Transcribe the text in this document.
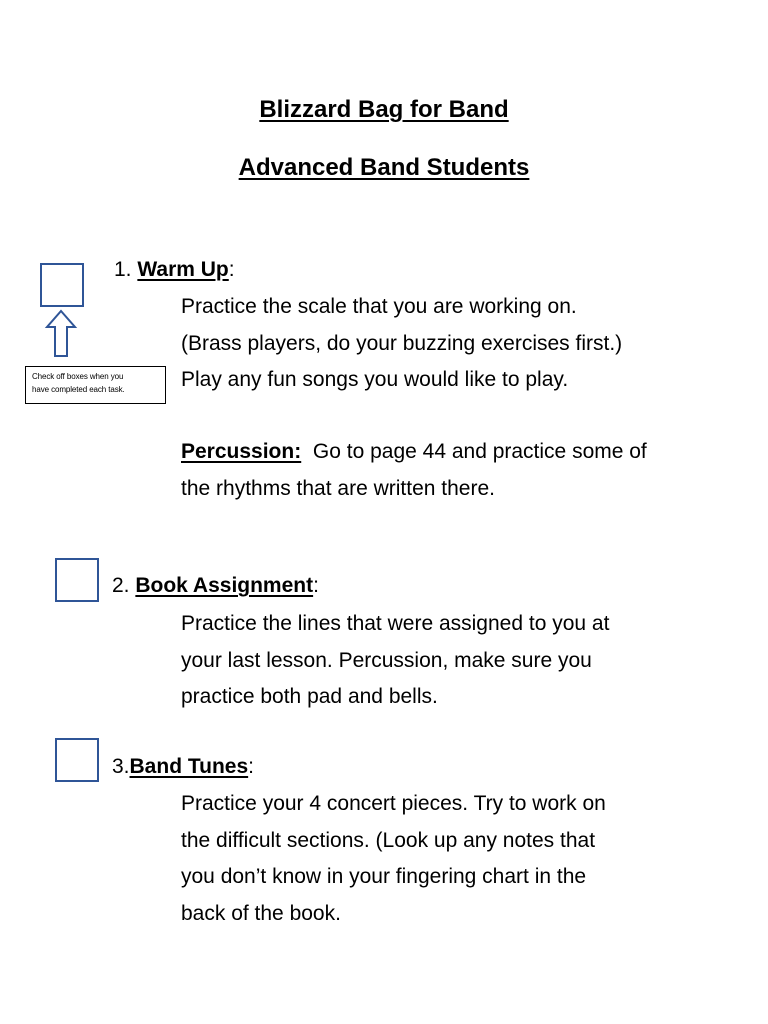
Blizzard Bag for Band
Advanced Band Students
Check off boxes when you
have completed each task.
1. Warm Up:
Practice the scale that you are working on.
(Brass players, do your buzzing exercises first.)
Play any fun songs you would like to play.
Percussion: Go to page 44 and practice some of
the rhythms that are written there.
2. Book Assignment:
Practice the lines that were assigned to you at
your last lesson. Percussion, make sure you
practice both pad and bells.
3.Band Tunes:
Practice your 4 concert pieces. Try to work on
the difficult sections. (Look up any notes that
you don’t know in your fingering chart in the
back of the book.
